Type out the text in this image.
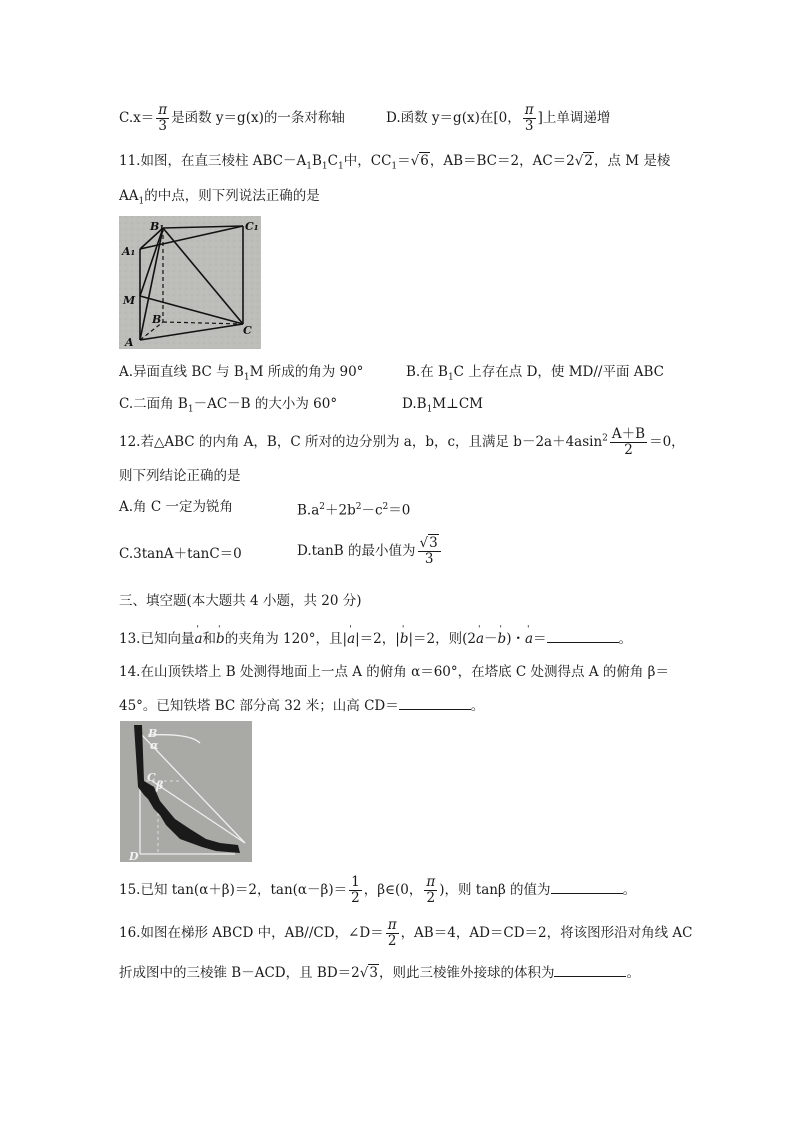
$C.x= \frac{\pi}{3}$ 是函数 y＝g(x)的一条对称轴	D.函数 y＝g(x)在[0， $\frac{\pi}{3}$ ]上单调递增
11.如图，在直三棱柱 $ABC-A_1B_1C_1$中，$CC_1=√6$，AB＝BC＝2，AC＝2√2，点 M 是棱
$AA_1$的中点，则下列说法正确的是
B₁	C₁
A₁
M
B
A
C
A.异面直线 BC 与 $B_1M$ 所成的角为 90°	B.在 $B_1C$ 上存在点 D，使 MD//平面 ABC
C.二面角 $B_1-AC-B$ 的大小为 60°	$D.B_1M\perp CM$
12.若△ABC 的内角 A，B，C 所对的边分别为 a，b，c，且满足 $b-2a+4asin^2 \frac{A+B}{2} =0$，
则下列结论正确的是
A.角 C 一定为锐角	$B.a^2+2b^2-c^2=0$
C.3tanA＋tanC＝0	D.tanB 的最小值为 $\frac{√3}{3}$
三、填空题(本大题共 4 小题，共 20 分)
13.已知向量' a和' b的夹角为 120°，且|' a|＝2，|' b|＝2，则(2' a－' b)・' a＝	。
14.在山顶铁塔上 B 处测得地面上一点 A 的俯角 α＝60°，在塔底 C 处测得点 A 的俯角 β＝
45°。已知铁塔 BC 部分高 32 米；山高 CD＝	。
B
α
C
β
D
15.已知 tan(α＋β)＝2，$\tan(\alpha-\beta)= \frac{1}{2}$ ，β∈(0， $\frac{\pi}{2}$ )，则 tanβ 的值为	。
16.如图在梯形 ABCD 中，AB//CD，∠D＝ $\frac{\pi}{2}$ ，AB＝4，AD＝CD＝2，将该图形沿对角线 AC
折成图中的三棱锥 B－ACD，且 BD＝2√3，则此三棱锥外接球的体积为	。
